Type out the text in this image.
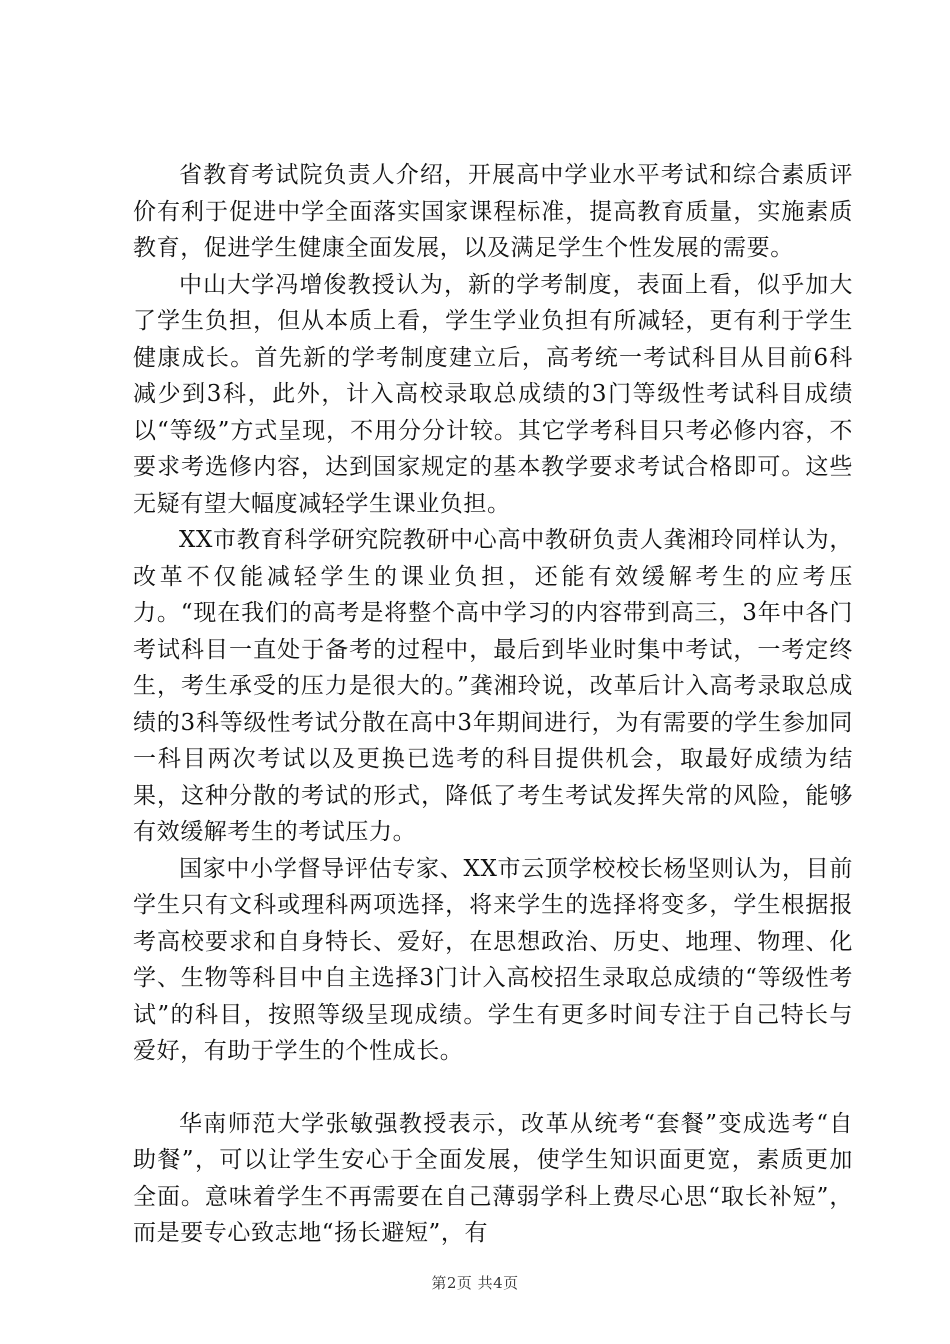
省教育考试院负责人介绍，开展高中学业水平考试和综合素质评价有利于促进中学全面落实国家课程标准，提高教育质量，实施素质教育，促进学生健康全面发展，以及满足学生个性发展的需要。

中山大学冯增俊教授认为，新的学考制度，表面上看，似乎加大了学生负担，但从本质上看，学生学业负担有所减轻，更有利于学生健康成长。首先新的学考制度建立后，高考统一考试科目从目前6科减少到3科，此外，计入高校录取总成绩的3门等级性考试科目成绩以“等级”方式呈现，不用分分计较。其它学考科目只考必修内容，不要求考选修内容，达到国家规定的基本教学要求考试合格即可。这些无疑有望大幅度减轻学生课业负担。

XX市教育科学研究院教研中心高中教研负责人龚湘玲同样认为，改革不仅能减轻学生的课业负担，还能有效缓解考生的应考压力。“现在我们的高考是将整个高中学习的内容带到高三，3年中各门考试科目一直处于备考的过程中，最后到毕业时集中考试，一考定终生，考生承受的压力是很大的。”龚湘玲说，改革后计入高考录取总成绩的3科等级性考试分散在高中3年期间进行，为有需要的学生参加同一科目两次考试以及更换已选考的科目提供机会，取最好成绩为结果，这种分散的考试的形式，降低了考生考试发挥失常的风险，能够有效缓解考生的考试压力。

国家中小学督导评估专家、XX市云顶学校校长杨坚则认为，目前学生只有文科或理科两项选择，将来学生的选择将变多，学生根据报考高校要求和自身特长、爱好，在思想政治、历史、地理、物理、化学、生物等科目中自主选择3门计入高校招生录取总成绩的“等级性考试”的科目，按照等级呈现成绩。学生有更多时间专注于自己特长与爱好，有助于学生的个性成长。

华南师范大学张敏强教授表示，改革从统考“套餐”变成选考“自助餐”，可以让学生安心于全面发展，使学生知识面更宽，素质更加全面。意味着学生不再需要在自己薄弱学科上费尽心思“取长补短”，而是要专心致志地“扬长避短”，有

第2页 共4页
